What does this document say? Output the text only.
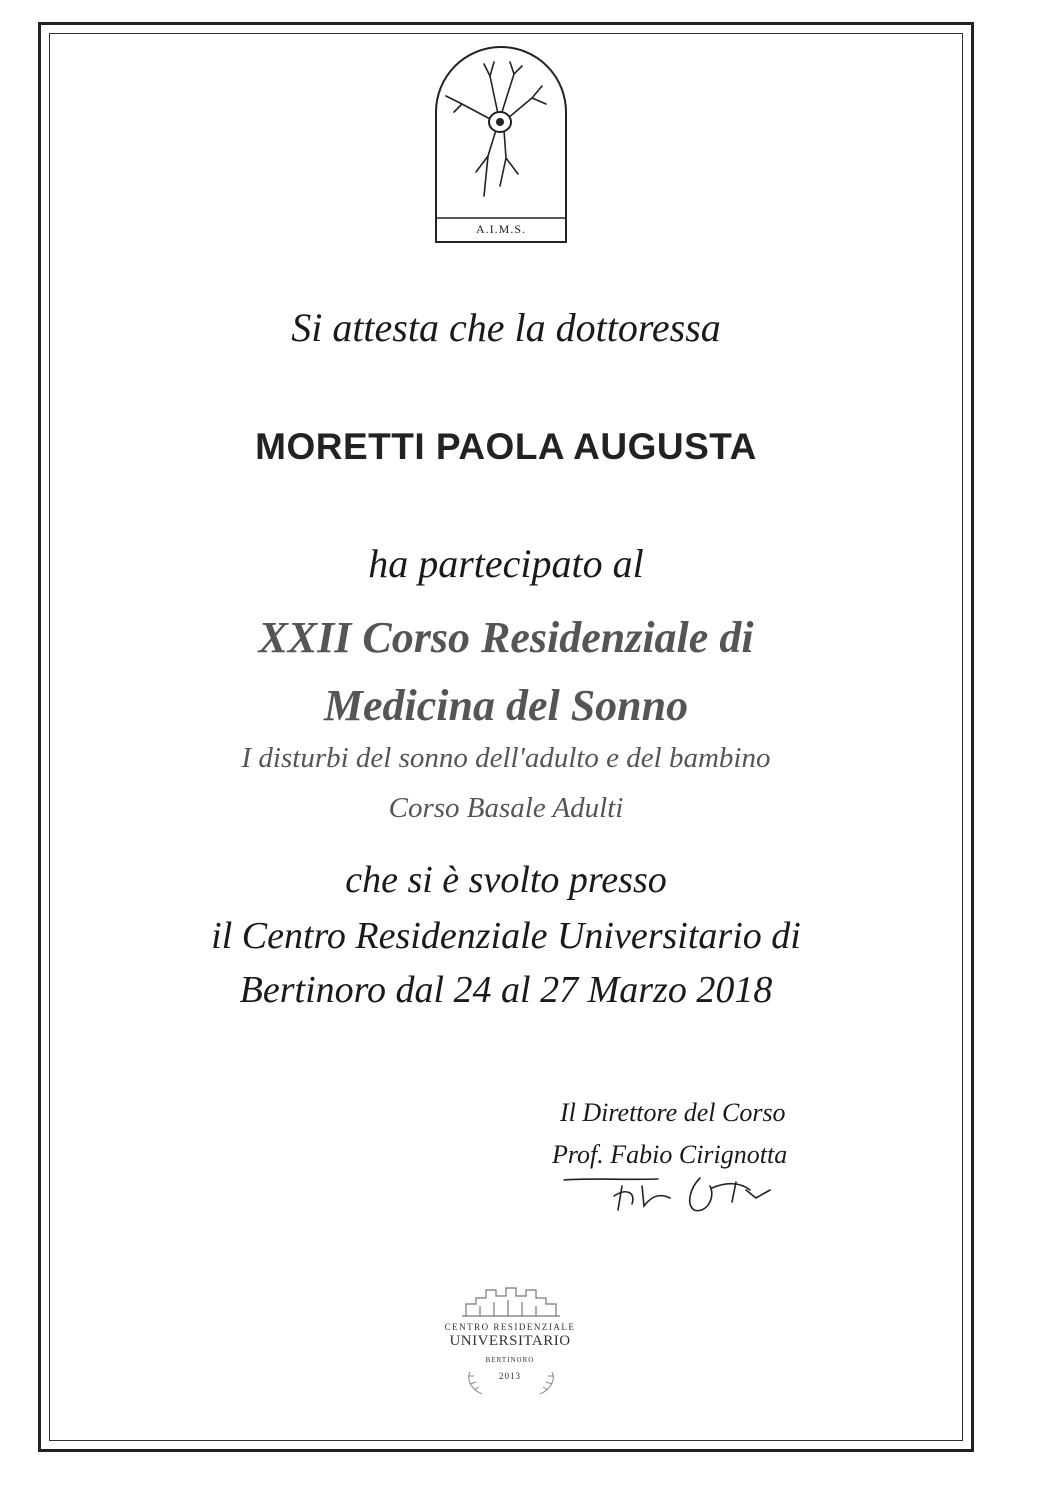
A.I.M.S.
Si attesta che la dottoressa
MORETTI PAOLA AUGUSTA
ha partecipato al
XXII Corso Residenziale di
Medicina del Sonno
I disturbi del sonno dell'adulto e del bambino
Corso Basale Adulti
che si è svolto presso
il Centro Residenziale Universitario di
Bertinoro dal 24 al 27 Marzo 2018
Il Direttore del Corso
Prof. Fabio Cirignotta
CENTRO RESIDENZIALE
UNIVERSITARIO
BERTINORO
2013
